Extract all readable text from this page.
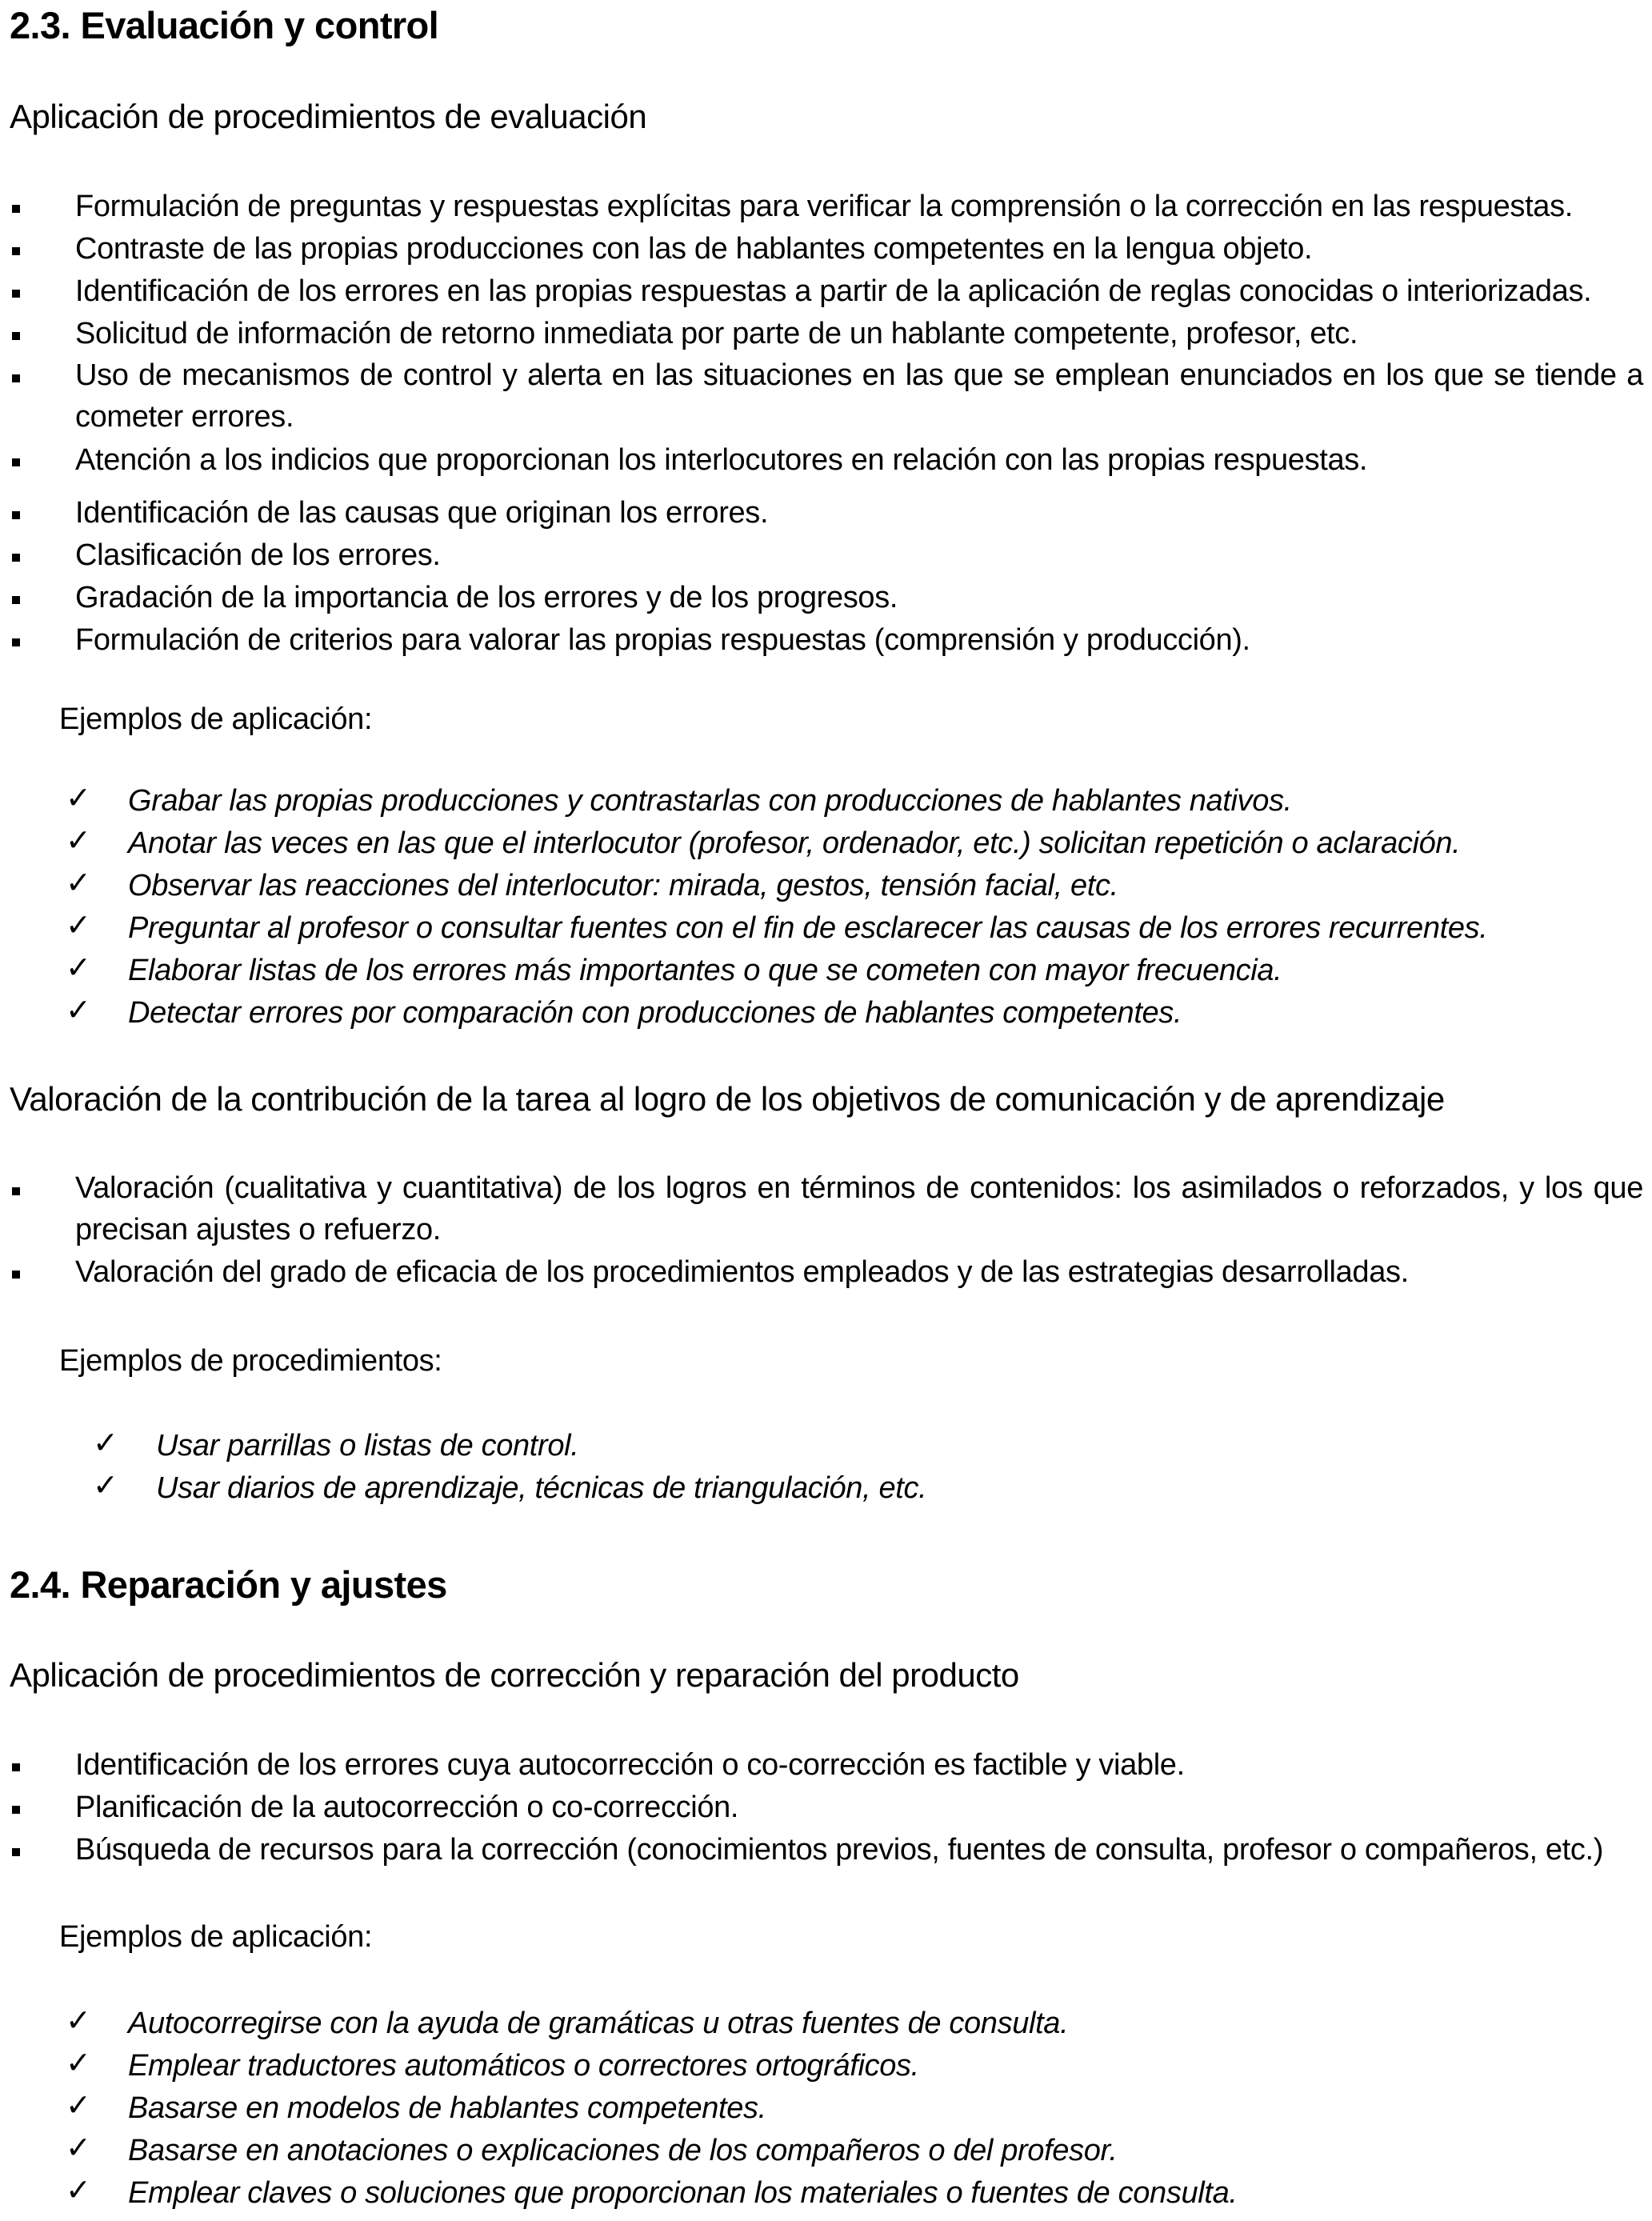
2.3. Evaluación y control
Aplicación de procedimientos de evaluación
Formulación de preguntas y respuestas explícitas para verificar la comprensión o la corrección en las respuestas.
Contraste de las propias producciones con las de hablantes competentes en la lengua objeto.
Identificación de los errores en las propias respuestas a partir de la aplicación de reglas conocidas o interiorizadas.
Solicitud de información de retorno inmediata por parte de un hablante competente, profesor, etc.
Uso de mecanismos de control y alerta en las situaciones en las que se emplean enunciados en los que se tiende a cometer errores.
Atención a los indicios que proporcionan los interlocutores en relación con las propias respuestas.
Identificación de las causas que originan los errores.
Clasificación de los errores.
Gradación de la importancia de los errores y de los progresos.
Formulación de criterios para valorar las propias respuestas (comprensión y producción).
Ejemplos de aplicación:
✓ Grabar las propias producciones y contrastarlas con producciones de hablantes nativos.
✓ Anotar las veces en las que el interlocutor (profesor, ordenador, etc.) solicitan repetición o aclaración.
✓ Observar las reacciones del interlocutor: mirada, gestos, tensión facial, etc.
✓ Preguntar al profesor o consultar fuentes con el fin de esclarecer las causas de los errores recurrentes.
✓ Elaborar listas de los errores más importantes o que se cometen con mayor frecuencia.
✓ Detectar errores por comparación con producciones de hablantes competentes.
Valoración de la contribución de la tarea al logro de los objetivos de comunicación y de aprendizaje
Valoración (cualitativa y cuantitativa) de los logros en términos de contenidos: los asimilados o reforzados, y los que precisan ajustes o refuerzo.
Valoración del grado de eficacia de los procedimientos empleados y de las estrategias desarrolladas.
Ejemplos de procedimientos:
✓ Usar parrillas o listas de control.
✓ Usar diarios de aprendizaje, técnicas de triangulación, etc.
2.4. Reparación y ajustes
Aplicación de procedimientos de corrección y reparación del producto
Identificación de los errores cuya autocorrección o co-corrección es factible y viable.
Planificación de la autocorrección o co-corrección.
Búsqueda de recursos para la corrección (conocimientos previos, fuentes de consulta, profesor o compañeros, etc.)
Ejemplos de aplicación:
✓ Autocorregirse con la ayuda de gramáticas u otras fuentes de consulta.
✓ Emplear traductores automáticos o correctores ortográficos.
✓ Basarse en modelos de hablantes competentes.
✓ Basarse en anotaciones o explicaciones de los compañeros o del profesor.
✓ Emplear claves o soluciones que proporcionan los materiales o fuentes de consulta.
